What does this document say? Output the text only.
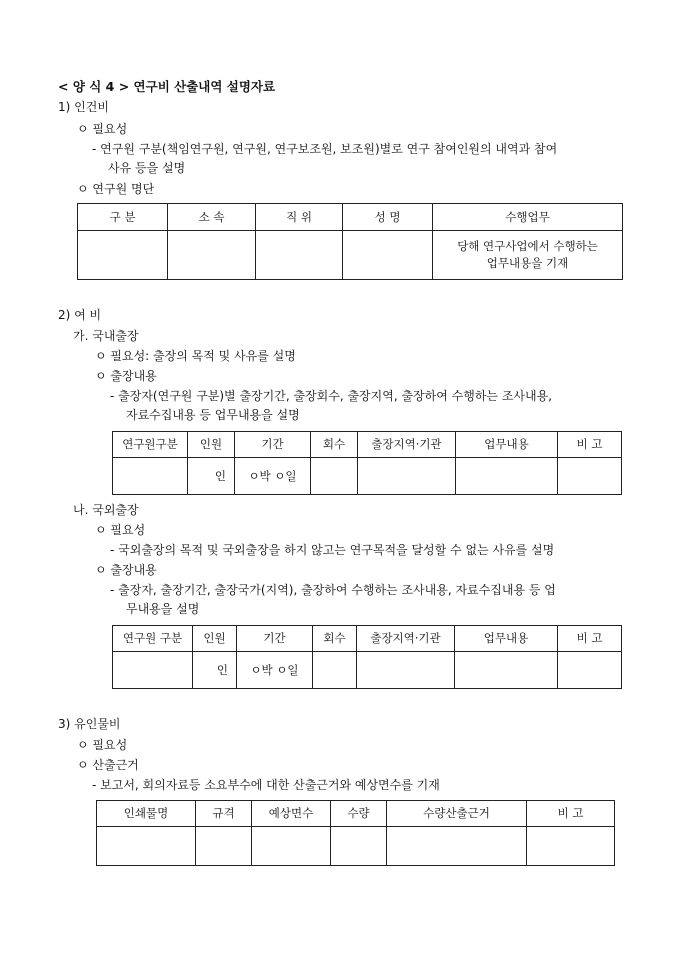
< 양 식 4 > 연구비 산출내역 설명자료
1) 인건비
ㅇ 필요성
- 연구원 구분(책임연구원, 연구원, 연구보조원, 보조원)별로 연구 참여인원의 내역과 참여
사유 등을 설명
ㅇ 연구원 명단
구 분	소 속	직 위	성 명	수행업무

				당해 연구사업에서 수행하는
업무내용을 기재
2) 여 비
가. 국내출장
ㅇ 필요성: 출장의 목적 및 사유를 설명
ㅇ 출장내용
- 출장자(연구원 구분)별 출장기간, 출장회수, 출장지역, 출장하여 수행하는 조사내용,
자료수집내용 등 업무내용을 설명
연구원구분	인원	기간	회수	출장지역·기관	업무내용	비 고
	인	ㅇ박 ㅇ일				
나. 국외출장
ㅇ 필요성
- 국외출장의 목적 및 국외출장을 하지 않고는 연구목적을 달성할 수 없는 사유를 설명
ㅇ 출장내용
- 출장자, 출장기간, 출장국가(지역), 출장하여 수행하는 조사내용, 자료수집내용 등 업
무내용을 설명
연구원 구분	인원	기간	회수	출장지역·기관	업무내용	비 고
	인	ㅇ박 ㅇ일				
3) 유인물비
ㅇ 필요성
ㅇ 산출근거
- 보고서, 회의자료등 소요부수에 대한 산출근거와 예상면수를 기재
인쇄물명	규격	예상면수	수량	수량산출근거	비 고
